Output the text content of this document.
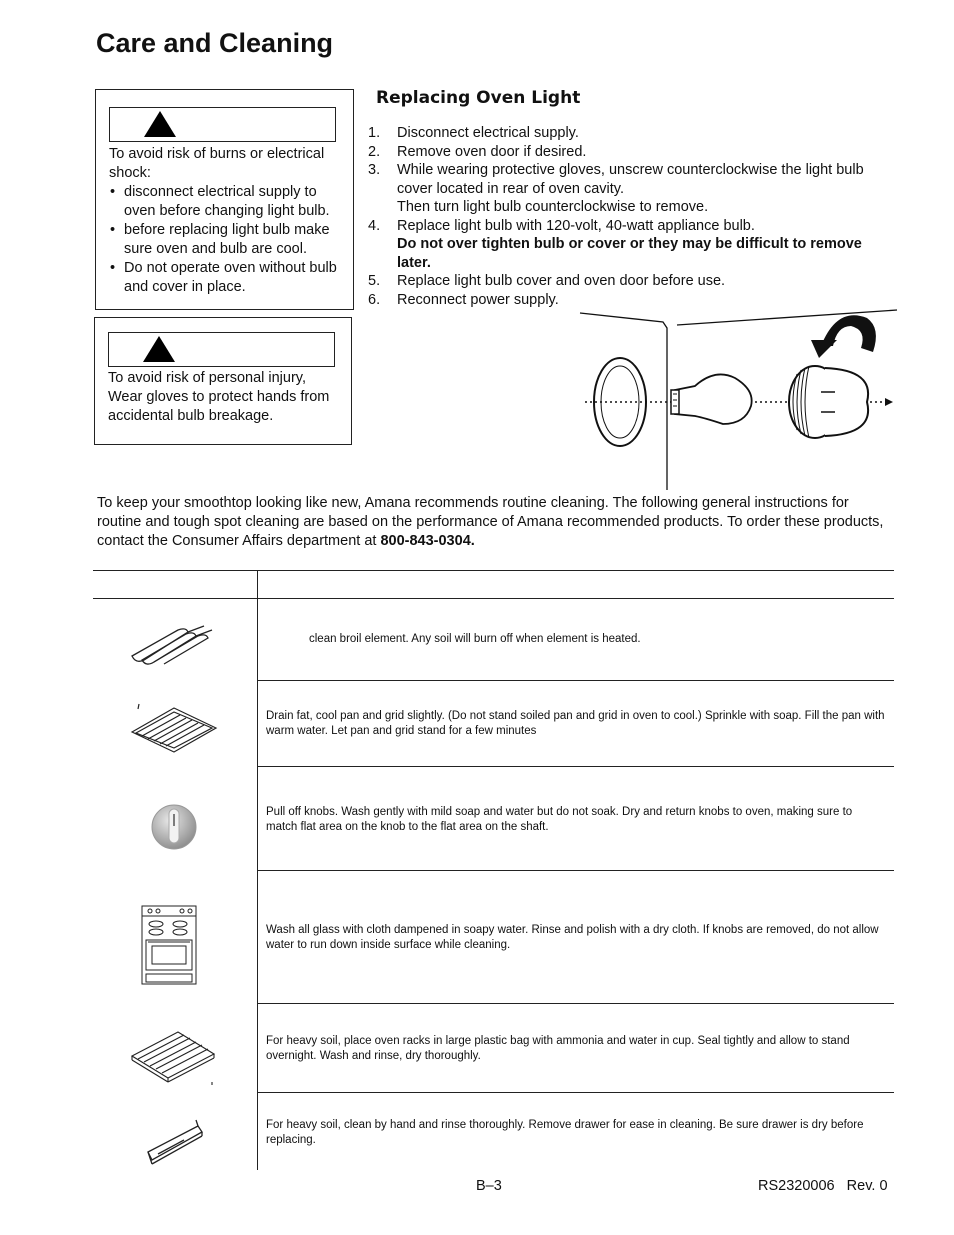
Care and Cleaning
To avoid risk of burns or electrical shock:
• disconnect electrical supply to oven before changing light bulb.
• before replacing light bulb make sure oven and bulb are cool.
• Do not operate oven without bulb and cover in place.
To avoid risk of personal injury, Wear gloves to protect hands from accidental bulb breakage.
Replacing Oven Light
1. Disconnect electrical supply.
2. Remove oven door if desired.
3. While wearing protective gloves, unscrew counterclockwise the light bulb cover located in rear of oven cavity.
Then turn light bulb counterclockwise to remove.
4. Replace light bulb with 120-volt, 40-watt appliance bulb.
Do not over tighten bulb or cover or they may be difficult to remove later.
5. Replace light bulb cover and oven door before use.
6. Reconnect power supply.
To keep your smoothtop looking like new, Amana recommends routine cleaning. The following general instructions for routine and tough spot cleaning are based on the performance of Amana recommended products. To order these products, contact the Consumer Affairs department at 800-843-0304.
clean broil element. Any soil will burn off when element is heated.
Drain fat, cool pan and grid slightly. (Do not stand soiled pan and grid in oven to cool.) Sprinkle with soap. Fill the pan with warm water. Let pan and grid stand for a few minutes
Pull off knobs. Wash gently with mild soap and water but do not soak. Dry and return knobs to oven, making sure to match flat area on the knob to the flat area on the shaft.
Wash all glass with cloth dampened in soapy water. Rinse and polish with a dry cloth. If knobs are removed, do not allow water to run down inside surface while cleaning.
For heavy soil, place oven racks in large plastic bag with ammonia and water in cup. Seal tightly and allow to stand overnight. Wash and rinse, dry thoroughly.
For heavy soil, clean by hand and rinse thoroughly. Remove drawer for ease in cleaning. Be sure drawer is dry before replacing.
B–3	RS2320006   Rev. 0
